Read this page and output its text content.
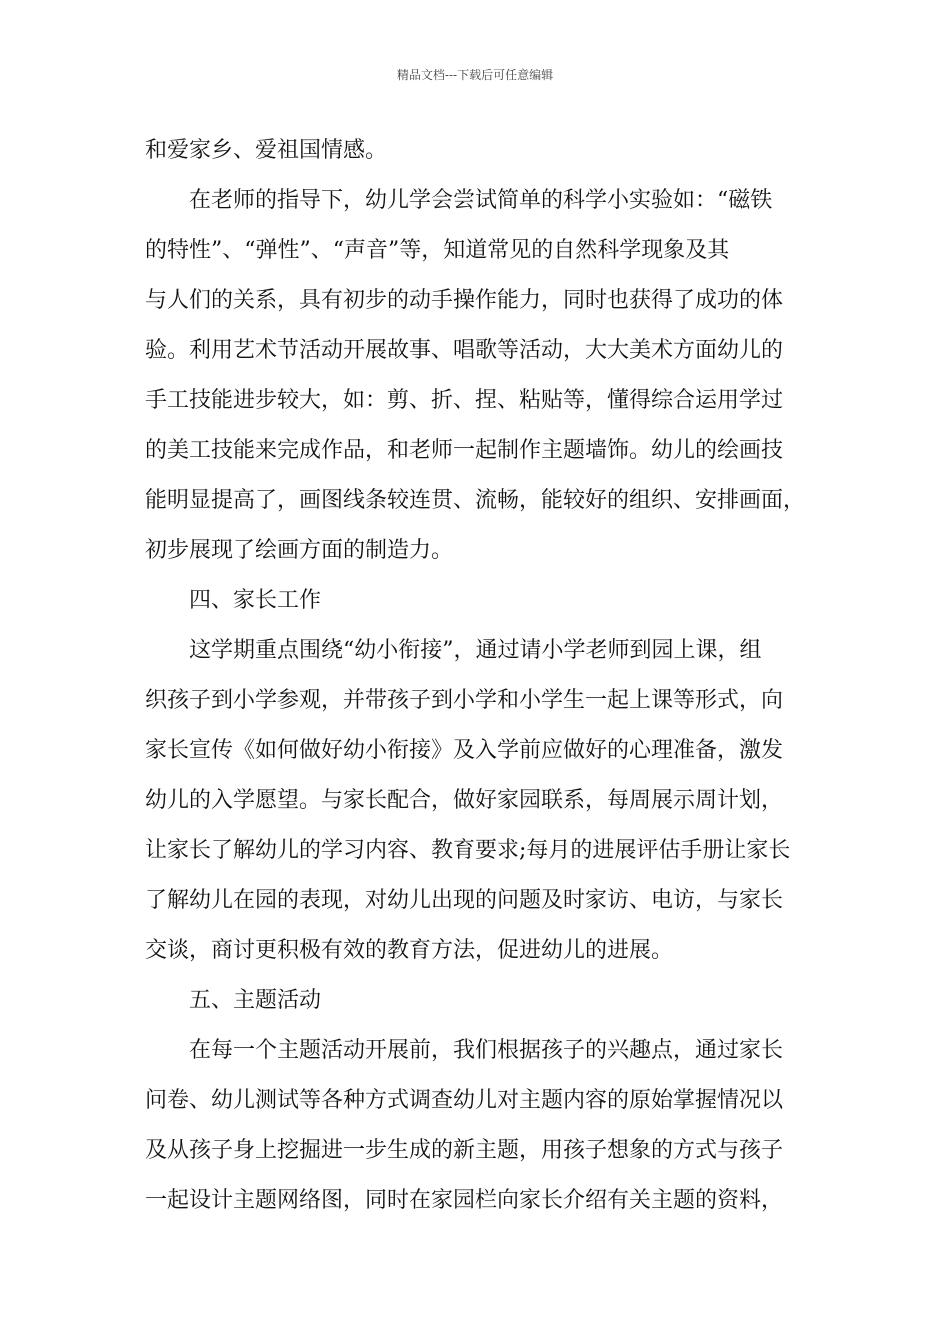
精品文档---下载后可任意编辑
和爱家乡、爱祖国情感。
在老师的指导下，幼儿学会尝试简单的科学小实验如：“磁铁
的特性”、“弹性”、“声音”等，知道常见的自然科学现象及其
与人们的关系，具有初步的动手操作能力，同时也获得了成功的体
验。利用艺术节活动开展故事、唱歌等活动，大大美术方面幼儿的
手工技能进步较大，如：剪、折、捏、粘贴等，懂得综合运用学过
的美工技能来完成作品，和老师一起制作主题墙饰。幼儿的绘画技
能明显提高了，画图线条较连贯、流畅，能较好的组织、安排画面，
初步展现了绘画方面的制造力。
四、家长工作
这学期重点围绕“幼小衔接”，通过请小学老师到园上课，组
织孩子到小学参观，并带孩子到小学和小学生一起上课等形式，向
家长宣传《如何做好幼小衔接》及入学前应做好的心理准备，激发
幼儿的入学愿望。与家长配合，做好家园联系，每周展示周计划，
让家长了解幼儿的学习内容、教育要求;每月的进展评估手册让家长
了解幼儿在园的表现，对幼儿出现的问题及时家访、电访，与家长
交谈，商讨更积极有效的教育方法，促进幼儿的进展。
五、主题活动
在每一个主题活动开展前，我们根据孩子的兴趣点，通过家长
问卷、幼儿测试等各种方式调查幼儿对主题内容的原始掌握情况以
及从孩子身上挖掘进一步生成的新主题，用孩子想象的方式与孩子
一起设计主题网络图，同时在家园栏向家长介绍有关主题的资料，
